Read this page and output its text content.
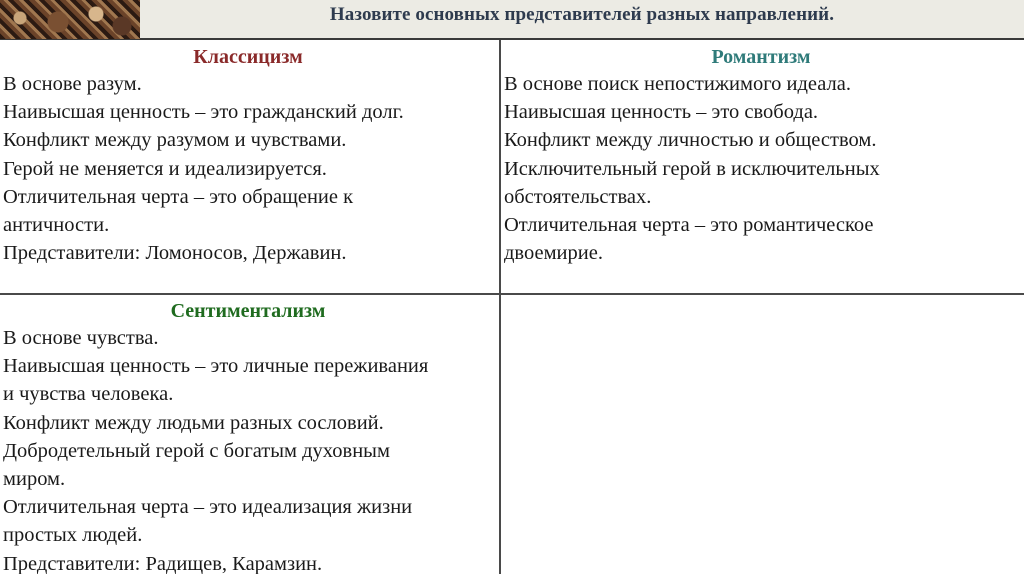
Назовите основных представителей разных направлений.
Классицизм

В основе разум.

Наивысшая ценность – это гражданский долг.

Конфликт между разумом и чувствами.

Герой не меняется и идеализируется.

Отличительная черта – это обращение к

античности.

Представители: Ломоносов, Державин.

Романтизм

В основе поиск непостижимого идеала.

Наивысшая ценность – это свобода.

Конфликт между личностью и обществом.

Исключительный герой в исключительных

обстоятельствах.

Отличительная черта – это романтическое

двоемирие.

Сентиментализм

В основе чувства.

Наивысшая ценность – это личные переживания

и чувства человека.

Конфликт между людьми разных сословий.

Добродетельный герой с богатым духовным

миром.

Отличительная черта – это идеализация жизни

простых людей.

Представители: Радищев, Карамзин.
